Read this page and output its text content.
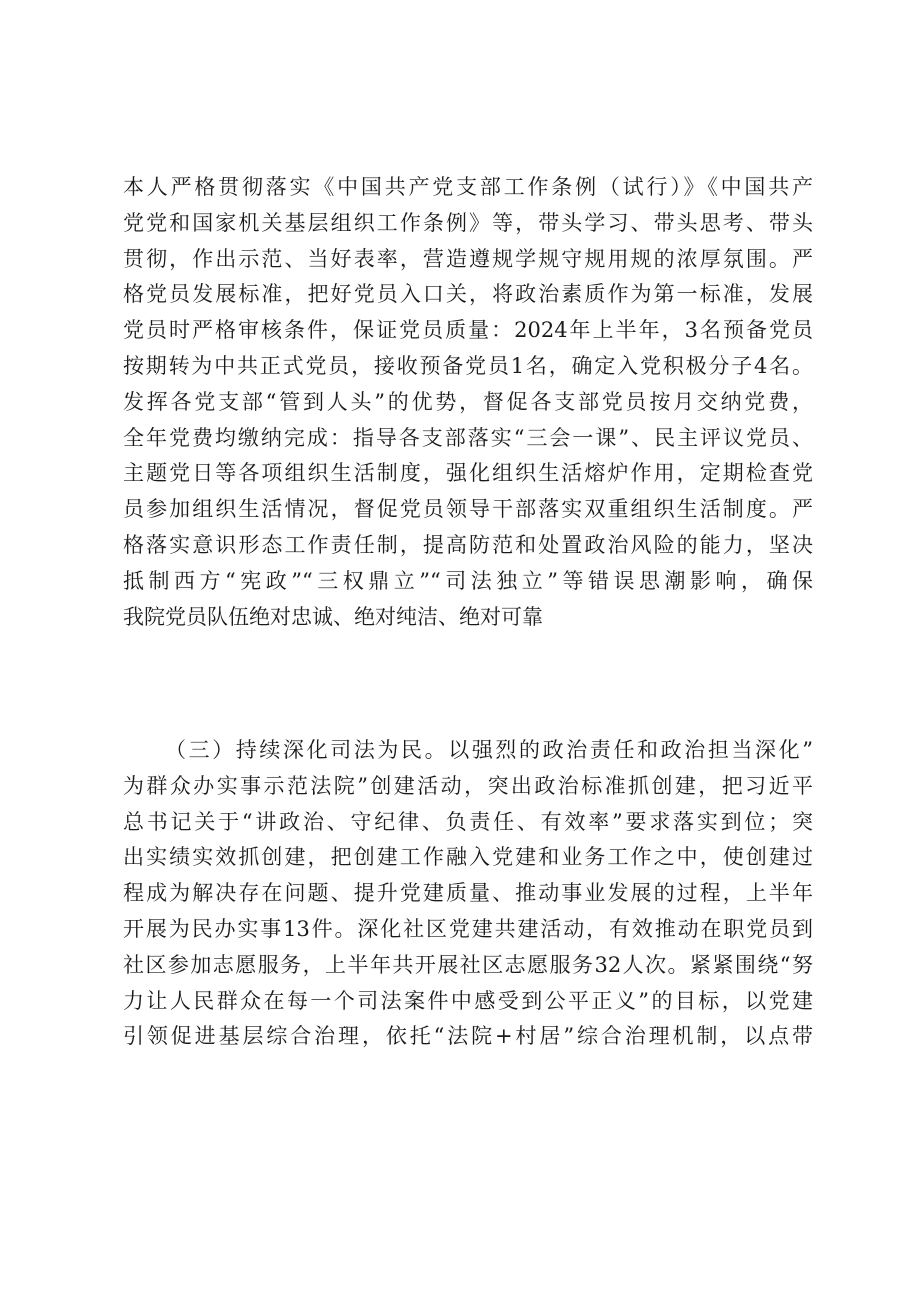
本人严格贯彻落实《中国共产党支部工作条例（试行）》《中国共产
党党和国家机关基层组织工作条例》等，带头学习、带头思考、带头
贯彻，作出示范、当好表率，营造遵规学规守规用规的浓厚氛围。严
格党员发展标准，把好党员入口关，将政治素质作为第一标准，发展
党员时严格审核条件，保证党员质量：2024年上半年，3名预备党员
按期转为中共正式党员，接收预备党员1名，确定入党积极分子4名。
发挥各党支部“管到人头”的优势，督促各支部党员按月交纳党费，
全年党费均缴纳完成：指导各支部落实“三会一课”、民主评议党员、
主题党日等各项组织生活制度，强化组织生活熔炉作用，定期检查党
员参加组织生活情况，督促党员领导干部落实双重组织生活制度。严
格落实意识形态工作责任制，提高防范和处置政治风险的能力，坚决
抵制西方“宪政”“三权鼎立”“司法独立”等错误思潮影响，确保
我院党员队伍绝对忠诚、绝对纯洁、绝对可靠
（三）持续深化司法为民。以强烈的政治责任和政治担当深化”
为群众办实事示范法院”创建活动，突出政治标准抓创建，把习近平
总书记关于“讲政治、守纪律、负责任、有效率”要求落实到位；突
出实绩实效抓创建，把创建工作融入党建和业务工作之中，使创建过
程成为解决存在问题、提升党建质量、推动事业发展的过程，上半年
开展为民办实事13件。深化社区党建共建活动，有效推动在职党员到
社区参加志愿服务，上半年共开展社区志愿服务32人次。紧紧围绕“努
力让人民群众在每一个司法案件中感受到公平正义”的目标，以党建
引领促进基层综合治理，依托“法院+村居”综合治理机制，以点带
